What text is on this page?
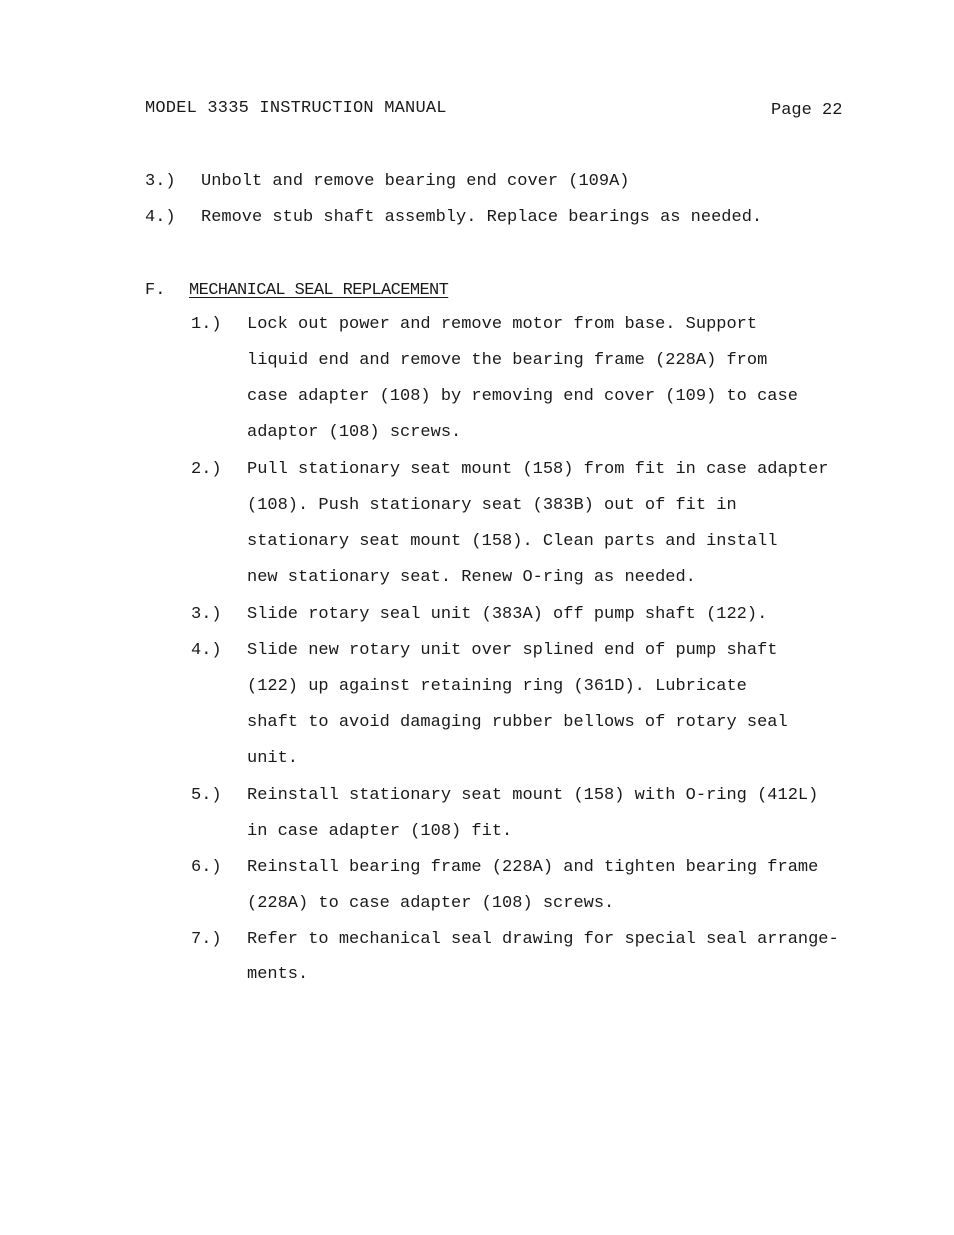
MODEL 3335 INSTRUCTION MANUAL	Page 22
3.) Unbolt and remove bearing end cover (109A)
4.) Remove stub shaft assembly. Replace bearings as needed.
F. MECHANICAL SEAL REPLACEMENT
1.) Lock out power and remove motor from base. Support
liquid end and remove the bearing frame (228A) from
case adapter (108) by removing end cover (109) to case
adaptor (108) screws.
2.) Pull stationary seat mount (158) from fit in case adapter
(108). Push stationary seat (383B) out of fit in
stationary seat mount (158). Clean parts and install
new stationary seat. Renew O-ring as needed.
3.) Slide rotary seal unit (383A) off pump shaft (122).
4.) Slide new rotary unit over splined end of pump shaft
(122) up against retaining ring (361D). Lubricate
shaft to avoid damaging rubber bellows of rotary seal
unit.
5.) Reinstall stationary seat mount (158) with O-ring (412L)
in case adapter (108) fit.
6.) Reinstall bearing frame (228A) and tighten bearing frame
(228A) to case adapter (108) screws.
7.) Refer to mechanical seal drawing for special seal arrange-
ments.
